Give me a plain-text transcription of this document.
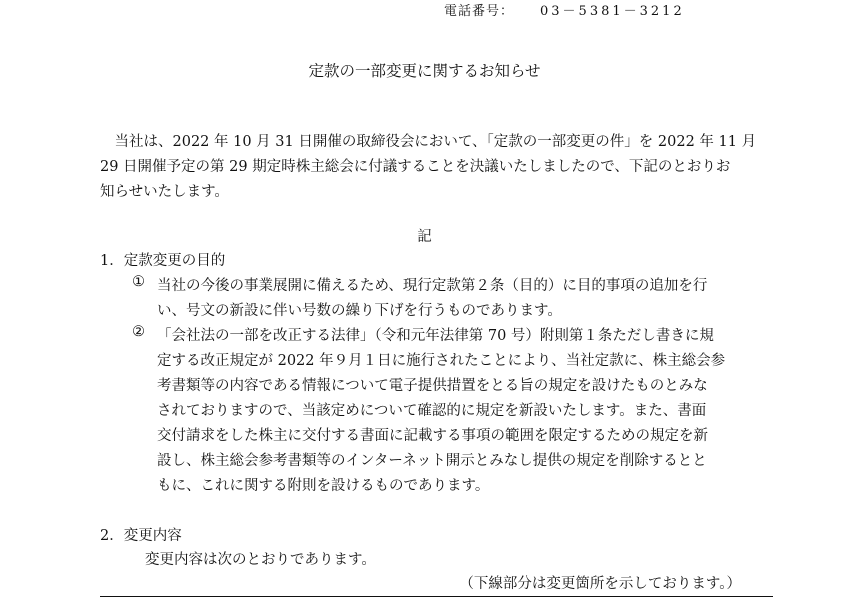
電話番号： 03－5381－3212
定款の一部変更に関するお知らせ
　当社は、2022 年 10 月 31 日開催の取締役会において、「定款の一部変更の件」を 2022 年 11 月
29 日開催予定の第 29 期定時株主総会に付議することを決議いたしましたので、下記のとおりお
知らせいたします。
記
1．定款変更の目的
① 当社の今後の事業展開に備えるため、現行定款第２条（目的）に目的事項の追加を行
い、号文の新設に伴い号数の繰り下げを行うものであります。
② 「会社法の一部を改正する法律」（令和元年法律第 70 号）附則第１条ただし書きに規
定する改正規定が 2022 年９月１日に施行されたことにより、当社定款に、株主総会参
考書類等の内容である情報について電子提供措置をとる旨の規定を設けたものとみな
されておりますので、当該定めについて確認的に規定を新設いたします。また、書面
交付請求をした株主に交付する書面に記載する事項の範囲を限定するための規定を新
設し、株主総会参考書類等のインターネット開示とみなし提供の規定を削除するとと
もに、これに関する附則を設けるものであります。
2．変更内容
変更内容は次のとおりであります。
（下線部分は変更箇所を示しております。）
